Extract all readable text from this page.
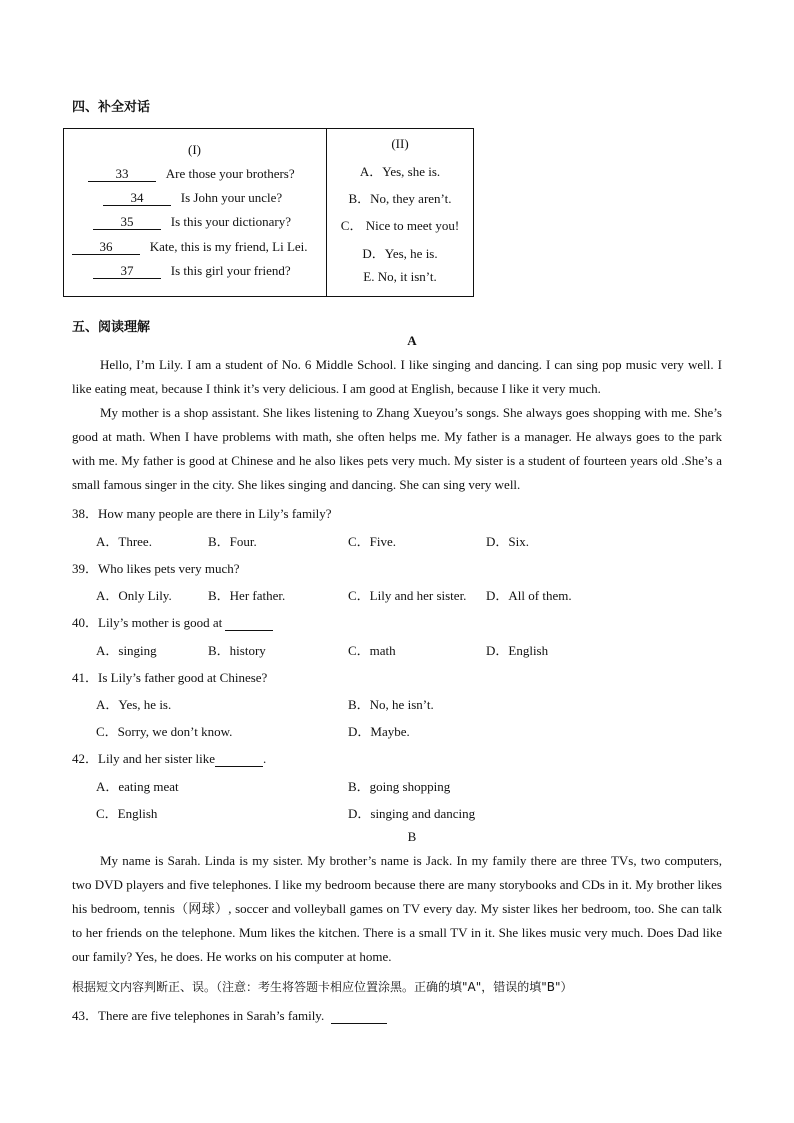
四、补全对话
(I)
33	Are those your brothers?
34	Is John your uncle?
35	Is this your dictionary?
36	Kate, this is my friend, Li Lei.
37	Is this girl your friend?
(II)
A．Yes, she is.
B．No, they aren’t.
C． Nice to meet you!
D．Yes, he is.
E. No, it isn’t.
五、阅读理解
A
Hello, I’m Lily. I am a student of No. 6 Middle School. I like singing and dancing. I can sing pop music very well. I like eating meat, because I think it’s very delicious. I am good at English, because I like it very much.
My mother is a shop assistant. She likes listening to Zhang Xueyou’s songs. She always goes shopping with me. She’s good at math. When I have problems with math, she often helps me. My father is a manager. He always goes to the park with me. My father is good at Chinese and he also likes pets very much. My sister is a student of fourteen years old .She’s a small famous singer in the city. She likes singing and dancing. She can sing very well.
38．How many people are there in Lily’s family?
A．Three.	B．Four.	C．Five.	D．Six.
39．Who likes pets very much?
A．Only Lily.	B．Her father.	C．Lily and her sister. D．All of them.
40．Lily’s mother is good at
A．singing	B．history	C．math	D．English
41．Is Lily’s father good at Chinese?
A．Yes, he is.	B．No, he isn’t.
C．Sorry, we don’t know.	D．Maybe.
42．Lily and her sister like	.
A．eating meat	B．going shopping
C．English	D．singing and dancing
B
My name is Sarah. Linda is my sister. My brother’s name is Jack. In my family there are three TVs, two computers, two DVD players and five telephones. I like my bedroom because there are many storybooks and CDs in it. My brother likes his bedroom, tennis（网球）, soccer and volleyball games on TV every day. My sister likes her bedroom, too. She can talk to her friends on the telephone. Mum likes the kitchen. There is a small TV in it. She likes music very much. Does Dad like our family? Yes, he does. He works on his computer at home.
根据短文内容判断正、误。（注意：考生将答题卡相应位置涂黑。正确的填"A"，错误的填"B"）
43．There are five telephones in Sarah’s family.
